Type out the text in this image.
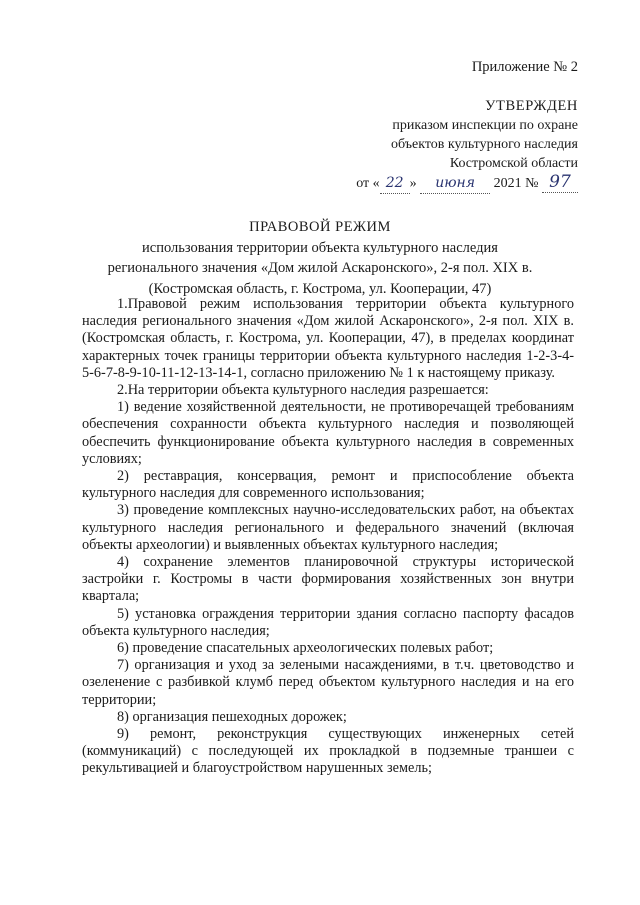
Приложение № 2
УТВЕРЖДЕН
приказом инспекции по охране
объектов культурного наследия
Костромской области
от « 22 » июня 2021 № 97
ПРАВОВОЙ РЕЖИМ
использования территории объекта культурного наследия
регионального значения «Дом жилой Аскаронского», 2-я пол. XIX в.
(Костромская область, г. Кострома, ул. Кооперации, 47)

1.Правовой режим использования территории объекта культурного наследия регионального значения «Дом жилой Аскаронского», 2-я пол. XIX в. (Костромская область, г. Кострома, ул. Кооперации, 47), в пределах координат характерных точек границы территории объекта культурного наследия 1-2-3-4-5-6-7-8-9-10-11-12-13-14-1, согласно приложению № 1 к настоящему приказу.

2.На территории объекта культурного наследия разрешается:

1) ведение хозяйственной деятельности, не противоречащей требованиям обеспечения сохранности объекта культурного наследия и позволяющей обеспечить функционирование объекта культурного наследия в современных условиях;

2) реставрация, консервация, ремонт и приспособление объекта культурного наследия для современного использования;

3) проведение комплексных научно-исследовательских работ, на объектах культурного наследия регионального и федерального значений (включая объекты археологии) и выявленных объектах культурного наследия;

4) сохранение элементов планировочной структуры исторической застройки г. Костромы в части формирования хозяйственных зон внутри квартала;

5) установка ограждения территории здания согласно паспорту фасадов объекта культурного наследия;

6) проведение спасательных археологических полевых работ;

7) организация и уход за зелеными насаждениями, в т.ч. цветоводство и озеленение с разбивкой клумб перед объектом культурного наследия и на его территории;

8) организация пешеходных дорожек;

9) ремонт, реконструкция существующих инженерных сетей (коммуникаций) с последующей их прокладкой в подземные траншеи с рекультивацией и благоустройством нарушенных земель;
